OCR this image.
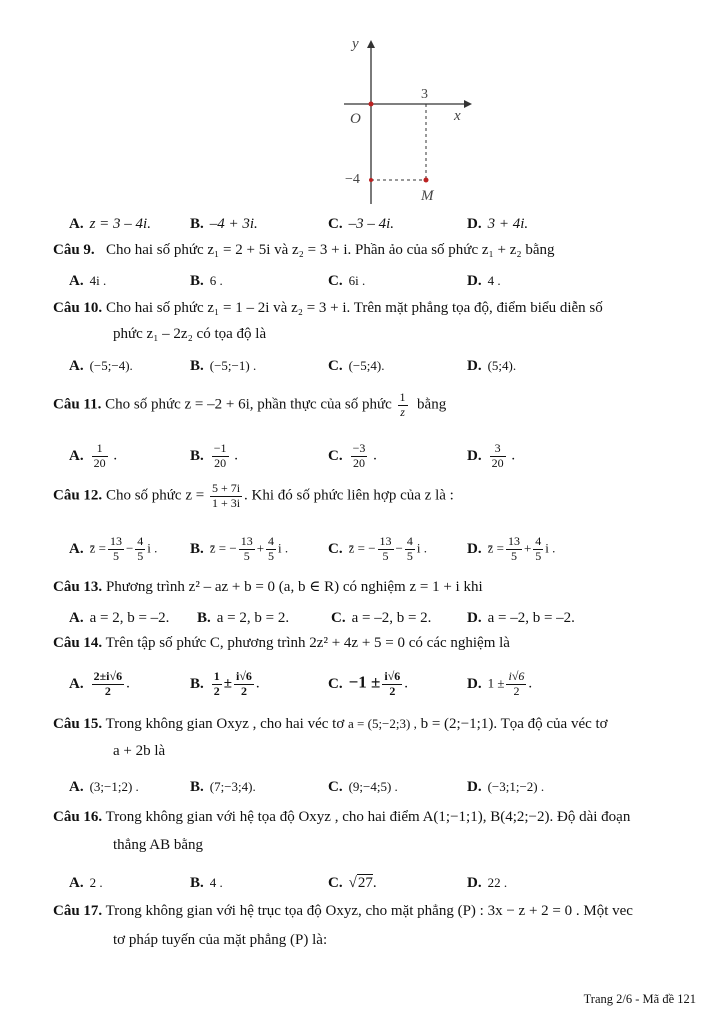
y
x
O
3
−4
M
A. z = 3 – 4i.	B. –4 + 3i.	C. –3 – 4i.	D. 3 + 4i.
Câu 9. Cho hai số phức z₁ = 2 + 5i và z₂ = 3 + i. Phần ảo của số phức z₁ + z₂ bằng
A. 4i .	B. 6 .	C. 6i .	D. 4 .
Câu 10. Cho hai số phức z₁ = 1 – 2i và z₂ = 3 + i. Trên mặt phẳng tọa độ, điểm biểu diễn số
phức z₁ – 2z₂ có tọa độ là
A. (−5;−4).	B. (−5;−1) .	C. (−5;4).	D. (5;4).
Câu 11. Cho số phức z = –2 + 6i, phần thực của số phức $\frac{1}{z}$ bằng
A. $\frac{1}{20}$ .	B. $\frac{-1}{20}$ .	C. $\frac{-3}{20}$ .	D. $\frac{3}{20}$ .
Câu 12. Cho số phức $z = \frac{5 + 7i}{1 + 3i}$ . Khi đó số phức liên hợp của z là :
A. z̄ = $\frac{13}{5} - \frac{4}{5}$ i . B. z̄ = − $\frac{13}{5} + \frac{4}{5}$ i .	C. z̄ = − $\frac{13}{5} - \frac{4}{5}$ i .	D. z̄ = $\frac{13}{5} + \frac{4}{5}$ i .
Câu 13. Phương trình z² – az + b = 0 (a, b ∈ R) có nghiệm z = 1 + i khi
A. a = 2, b = –2. B. a = 2, b = 2.	C. a = –2, b = 2. D. a = –2, b = –2.
Câu 14. Trên tập số phức C, phương trình 2z² + 4z + 5 = 0 có các nghiệm là
A. $\frac{2\pm i√6}{2}$ .	B. $\frac{1}{2} \pm \frac{i√6}{2}$ .	C. $-1 \pm \frac{i√6}{2}$ .	D. $1 \pm \frac{i√6}{2}$ .
Câu 15. Trong không gian Oxyz , cho hai véc tơ a = (5;−2;3) , b = (2;−1;1). Tọa độ của véc tơ
a + 2b là
A. (3;−1;2) .	B. (7;−3;4).	C. (9;−4;5) .	D. (−3;1;−2) .
Câu 16. Trong không gian với hệ tọa độ Oxyz , cho hai điểm A(1;−1;1), B(4;2;−2). Độ dài đoạn
thẳng AB bằng
A. 2 .	B. 4 .	C. √27.	D. 22 .
Câu 17. Trong không gian với hệ trục tọa độ Oxyz, cho mặt phẳng (P) : 3x − z + 2 = 0 . Một vec
tơ pháp tuyến của mặt phẳng (P) là:
Trang 2/6 - Mã đề 121
